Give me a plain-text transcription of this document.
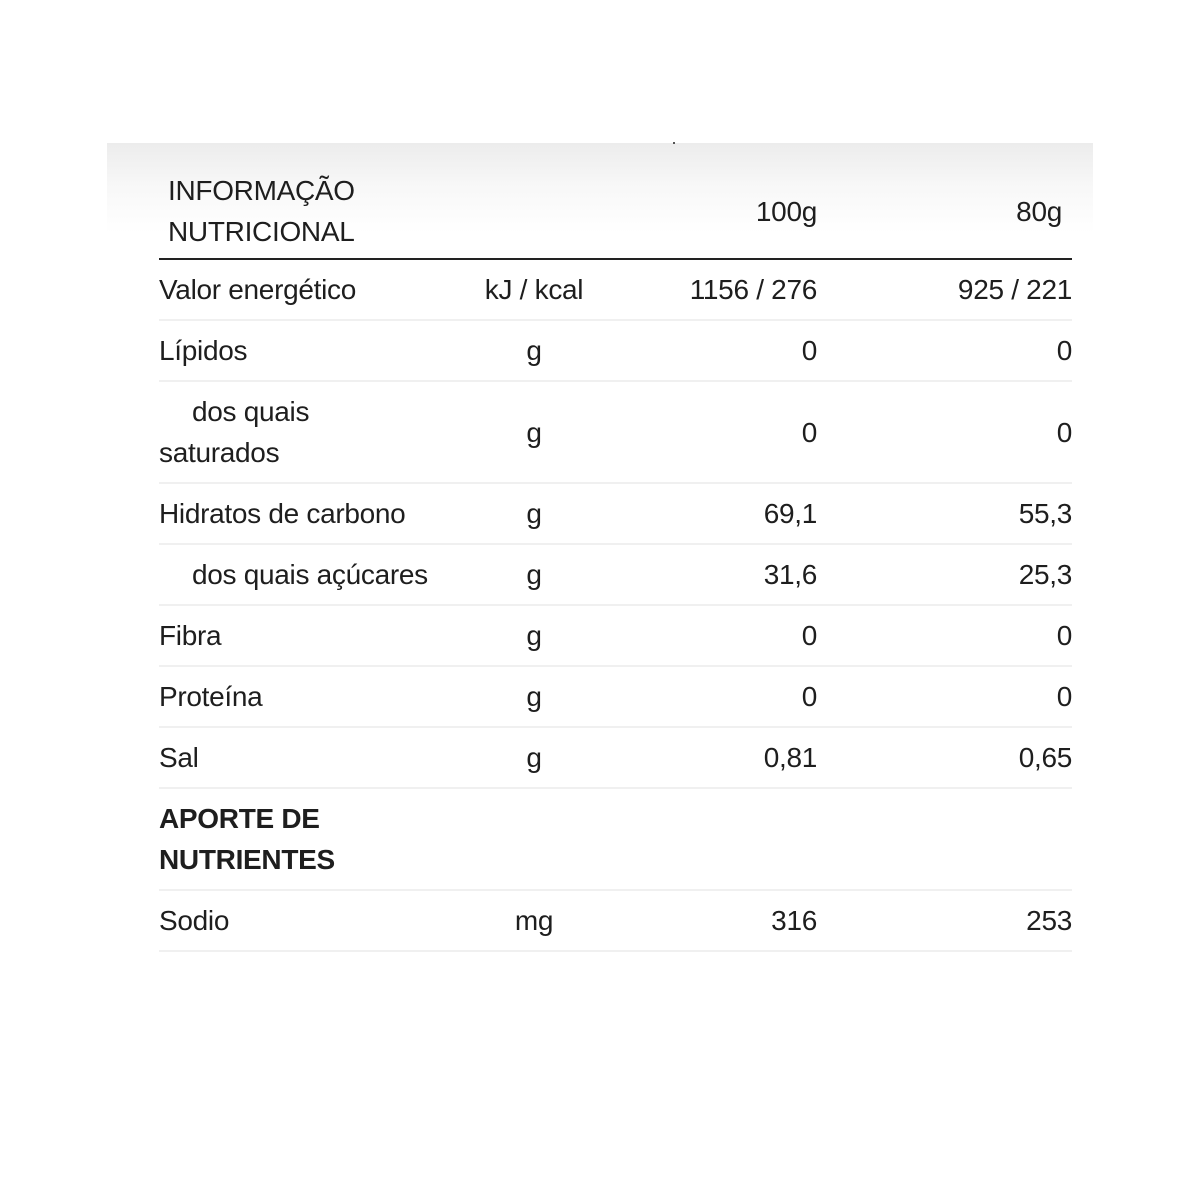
INFORMAÇÃO
NUTRICIONAL		100g	80g
Valor energético	kJ / kcal	1156 / 276	925 / 221
Lípidos	g	0	0

dos quais
saturados	g	0	0
Hidratos de carbono	g	69,1	55,3
dos quais açúcares	g	31,6	25,3
Fibra	g	0	0
Proteína	g	0	0
Sal	g	0,81	0,65

APORTE DE
NUTRIENTES			

Sodio	mg	316	253
